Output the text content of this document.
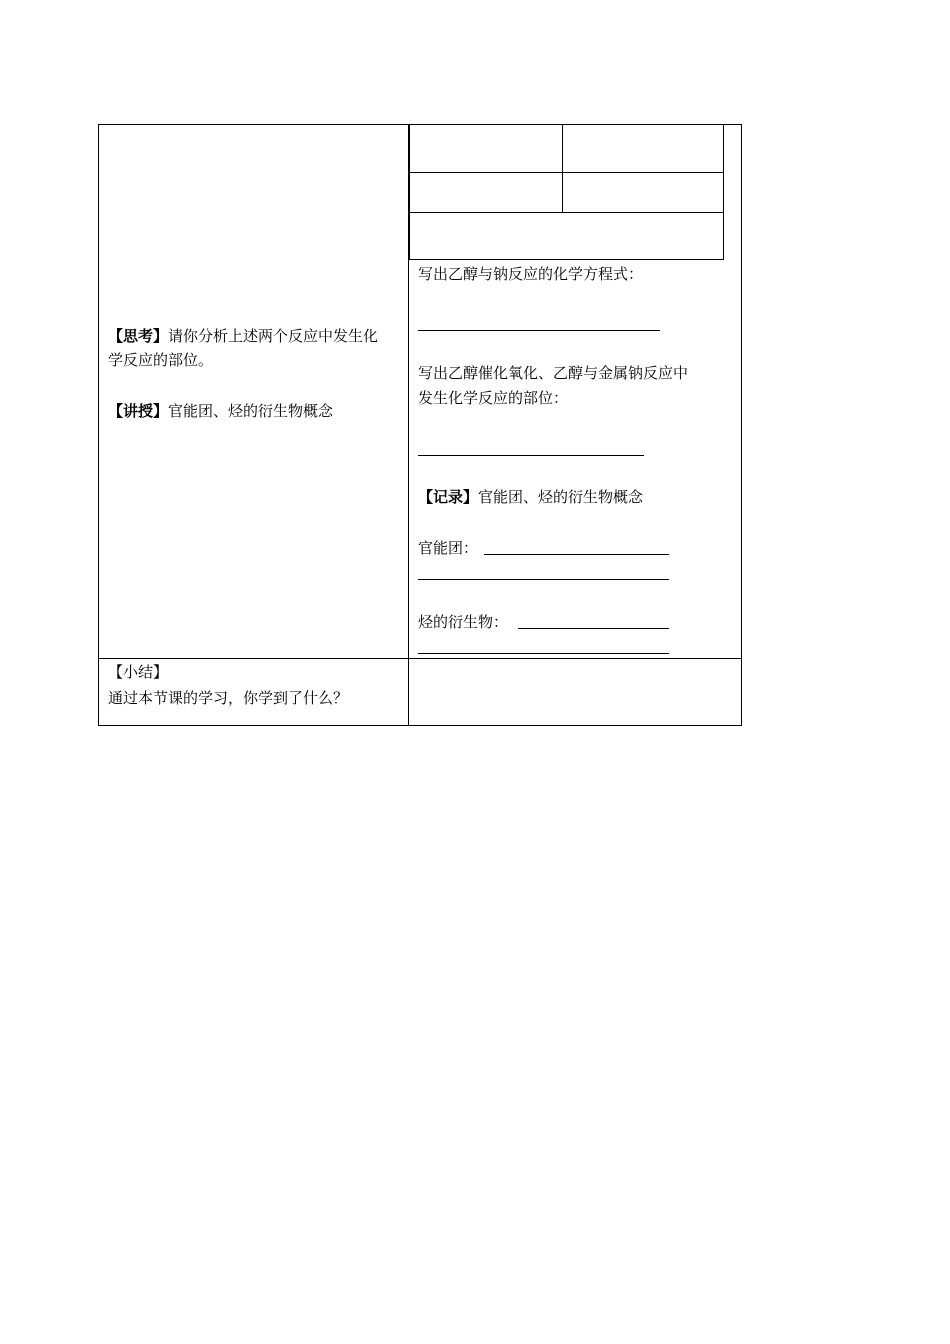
【思考】请你分析上述两个反应中发生化
学反应的部位。
【讲授】官能团、烃的衍生物概念
写出乙醇与钠反应的化学方程式：
写出乙醇催化氧化、乙醇与金属钠反应中
发生化学反应的部位：
【记录】官能团、烃的衍生物概念
官能团：
烃的衍生物：
【小结】
通过本节课的学习，你学到了什么？
